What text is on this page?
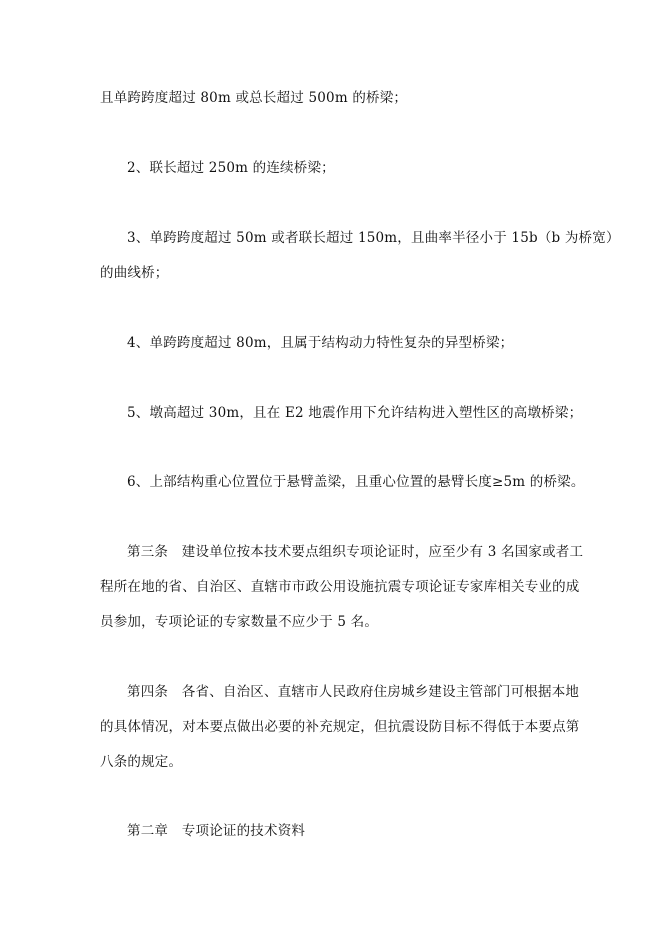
且单跨跨度超过 80m 或总长超过 500m 的桥梁；
2、联长超过 250m 的连续桥梁；
3、单跨跨度超过 50m 或者联长超过 150m，且曲率半径小于 15b（b 为桥宽）
的曲线桥；
4、单跨跨度超过 80m，且属于结构动力特性复杂的异型桥梁；
5、墩高超过 30m，且在 E2 地震作用下允许结构进入塑性区的高墩桥梁；
6、上部结构重心位置位于悬臂盖梁，且重心位置的悬臂长度≥5m 的桥梁。
第三条　建设单位按本技术要点组织专项论证时，应至少有 3 名国家或者工
程所在地的省、自治区、直辖市市政公用设施抗震专项论证专家库相关专业的成
员参加，专项论证的专家数量不应少于 5 名。
第四条　各省、自治区、直辖市人民政府住房城乡建设主管部门可根据本地
的具体情况，对本要点做出必要的补充规定，但抗震设防目标不得低于本要点第
八条的规定。
第二章　专项论证的技术资料
